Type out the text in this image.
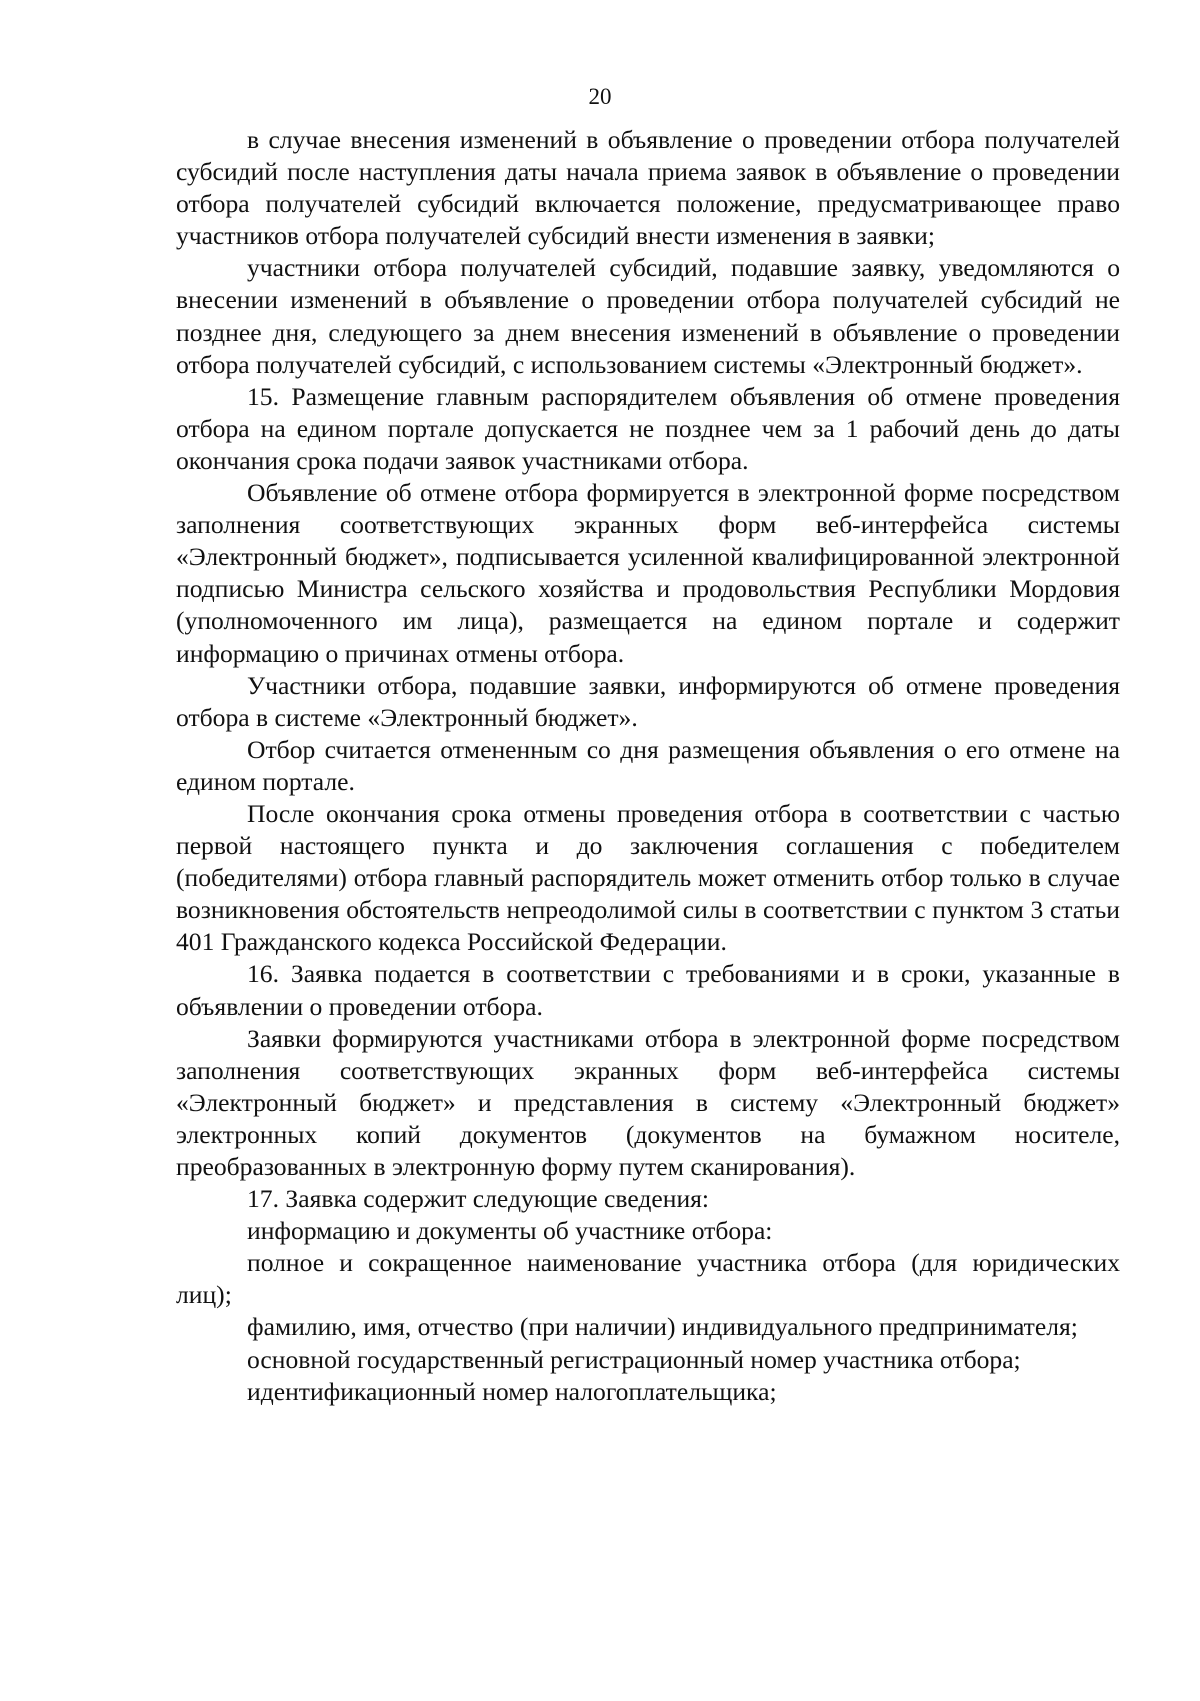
20

в случае внесения изменений в объявление о проведении отбора получателей субсидий после наступления даты начала приема заявок в объявление о проведении отбора получателей субсидий включается положение, предусматривающее право участников отбора получателей субсидий внести изменения в заявки;

участники отбора получателей субсидий, подавшие заявку, уведомляются о внесении изменений в объявление о проведении отбора получателей субсидий не позднее дня, следующего за днем внесения изменений в объявление о проведении отбора получателей субсидий, с использованием системы «Электронный бюджет».

15. Размещение главным распорядителем объявления об отмене проведения отбора на едином портале допускается не позднее чем за 1 рабочий день до даты окончания срока подачи заявок участниками отбора.

Объявление об отмене отбора формируется в электронной форме посредством заполнения соответствующих экранных форм веб-интерфейса системы «Электронный бюджет», подписывается усиленной квалифицированной электронной подписью Министра сельского хозяйства и продовольствия Республики Мордовия (уполномоченного им лица), размещается на едином портале и содержит информацию о причинах отмены отбора.

Участники отбора, подавшие заявки, информируются об отмене проведения отбора в системе «Электронный бюджет».

Отбор считается отмененным со дня размещения объявления о его отмене на едином портале.

После окончания срока отмены проведения отбора в соответствии с частью первой настоящего пункта и до заключения соглашения с победителем (победителями) отбора главный распорядитель может отменить отбор только в случае возникновения обстоятельств непреодолимой силы в соответствии с пунктом 3 статьи 401 Гражданского кодекса Российской Федерации.

16. Заявка подается в соответствии с требованиями и в сроки, указанные в объявлении о проведении отбора.

Заявки формируются участниками отбора в электронной форме посредством заполнения соответствующих экранных форм веб-интерфейса системы «Электронный бюджет» и представления в систему «Электронный бюджет» электронных копий документов (документов на бумажном носителе, преобразованных в электронную форму путем сканирования).

17. Заявка содержит следующие сведения:

информацию и документы об участнике отбора:

полное и сокращенное наименование участника отбора (для юридических лиц);

фамилию, имя, отчество (при наличии) индивидуального предпринимателя;

основной государственный регистрационный номер участника отбора;

идентификационный номер налогоплательщика;
